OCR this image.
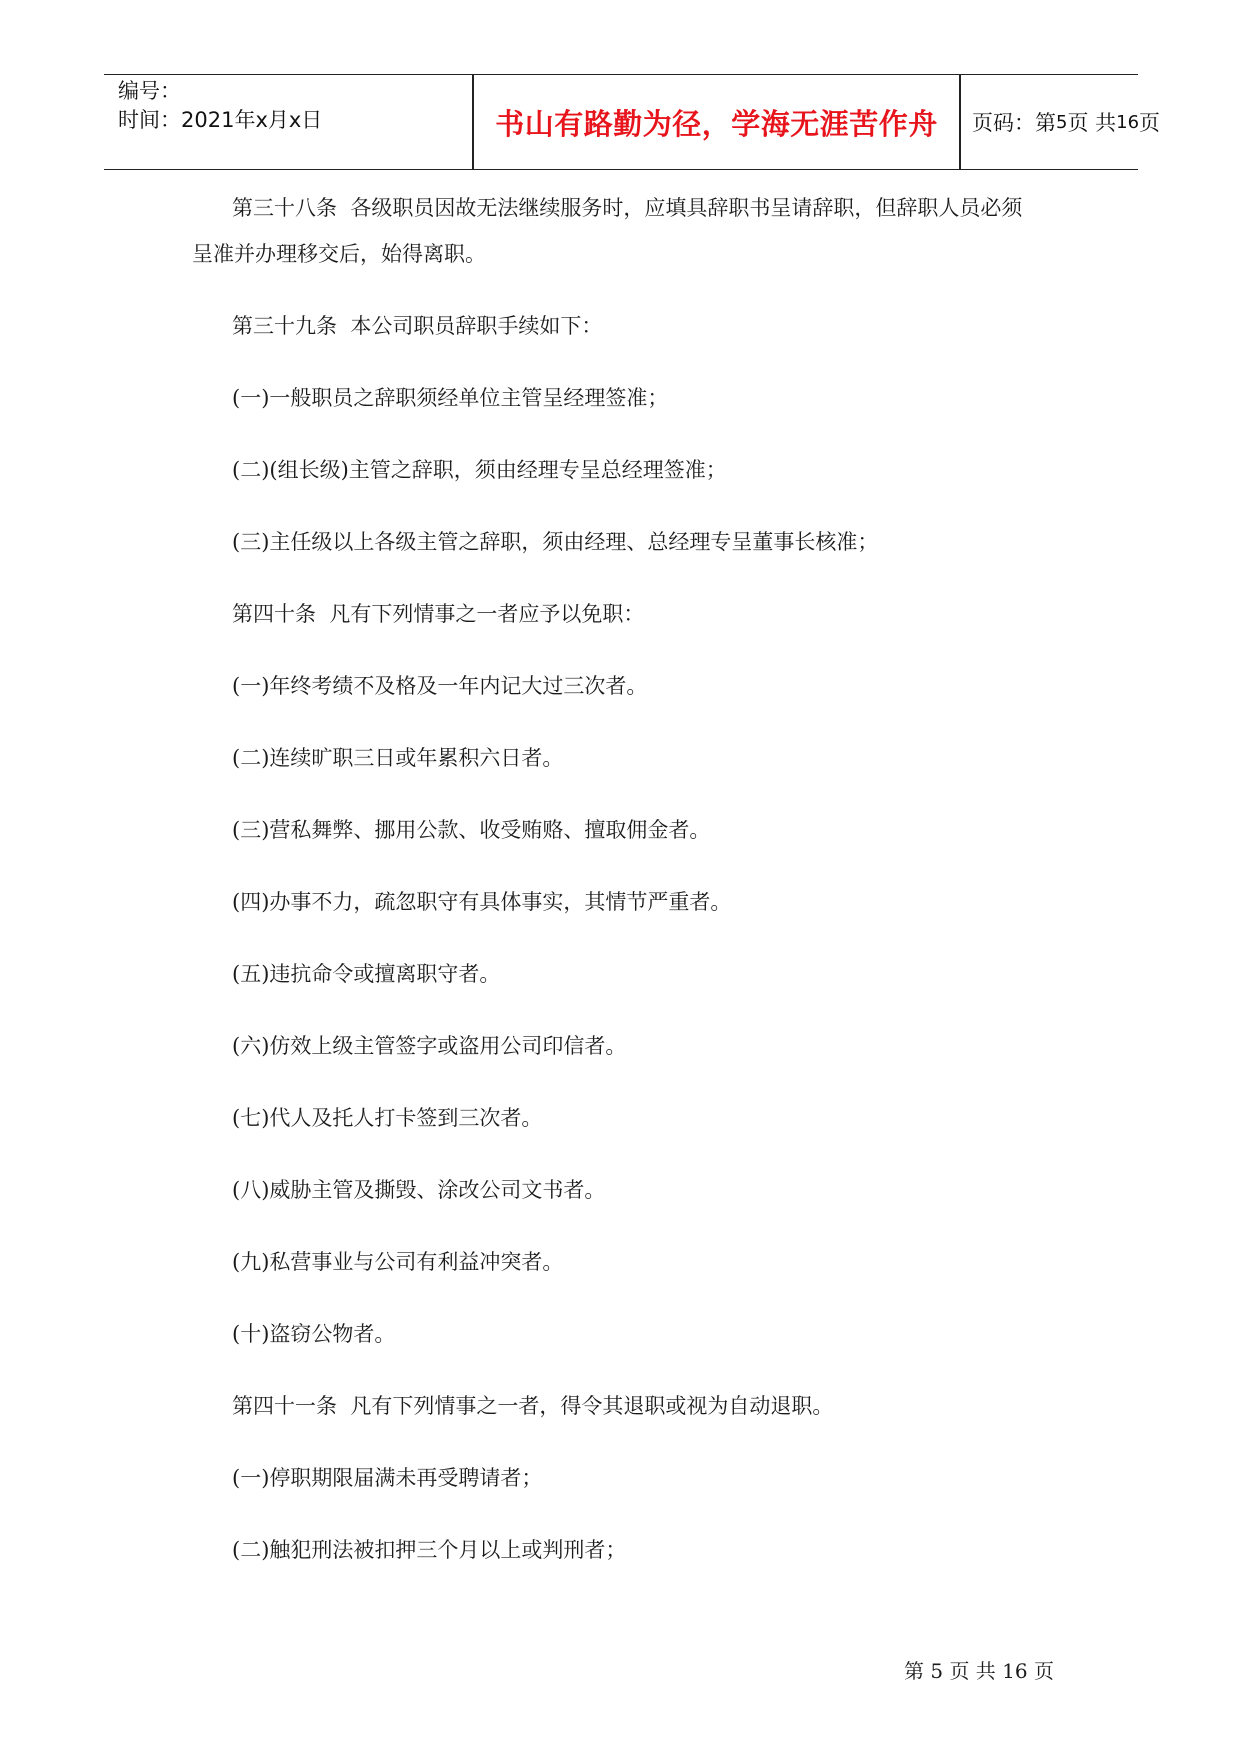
编号：
时间：2021年x月x日	书山有路勤为径，学海无涯苦作舟	页码：第 5 页 共 16 页
第三十八条  各级职员因故无法继续服务时，应填具辞职书呈请辞职，但辞职人员必须
呈准并办理移交后，始得离职。
第三十九条  本公司职员辞职手续如下：
(一)一般职员之辞职须经单位主管呈经理签准；
(二)(组长级)主管之辞职，须由经理专呈总经理签准；
(三)主任级以上各级主管之辞职，须由经理、总经理专呈董事长核准；
第四十条  凡有下列情事之一者应予以免职：
(一)年终考绩不及格及一年内记大过三次者。
(二)连续旷职三日或年累积六日者。
(三)营私舞弊、挪用公款、收受贿赂、擅取佣金者。
(四)办事不力，疏忽职守有具体事实，其情节严重者。
(五)违抗命令或擅离职守者。
(六)仿效上级主管签字或盗用公司印信者。
(七)代人及托人打卡签到三次者。
(八)威胁主管及撕毁、涂改公司文书者。
(九)私营事业与公司有利益冲突者。
(十)盗窃公物者。
第四十一条  凡有下列情事之一者，得令其退职或视为自动退职。
(一)停职期限届满未再受聘请者；
(二)触犯刑法被扣押三个月以上或判刑者；
第 5 页 共 16 页
